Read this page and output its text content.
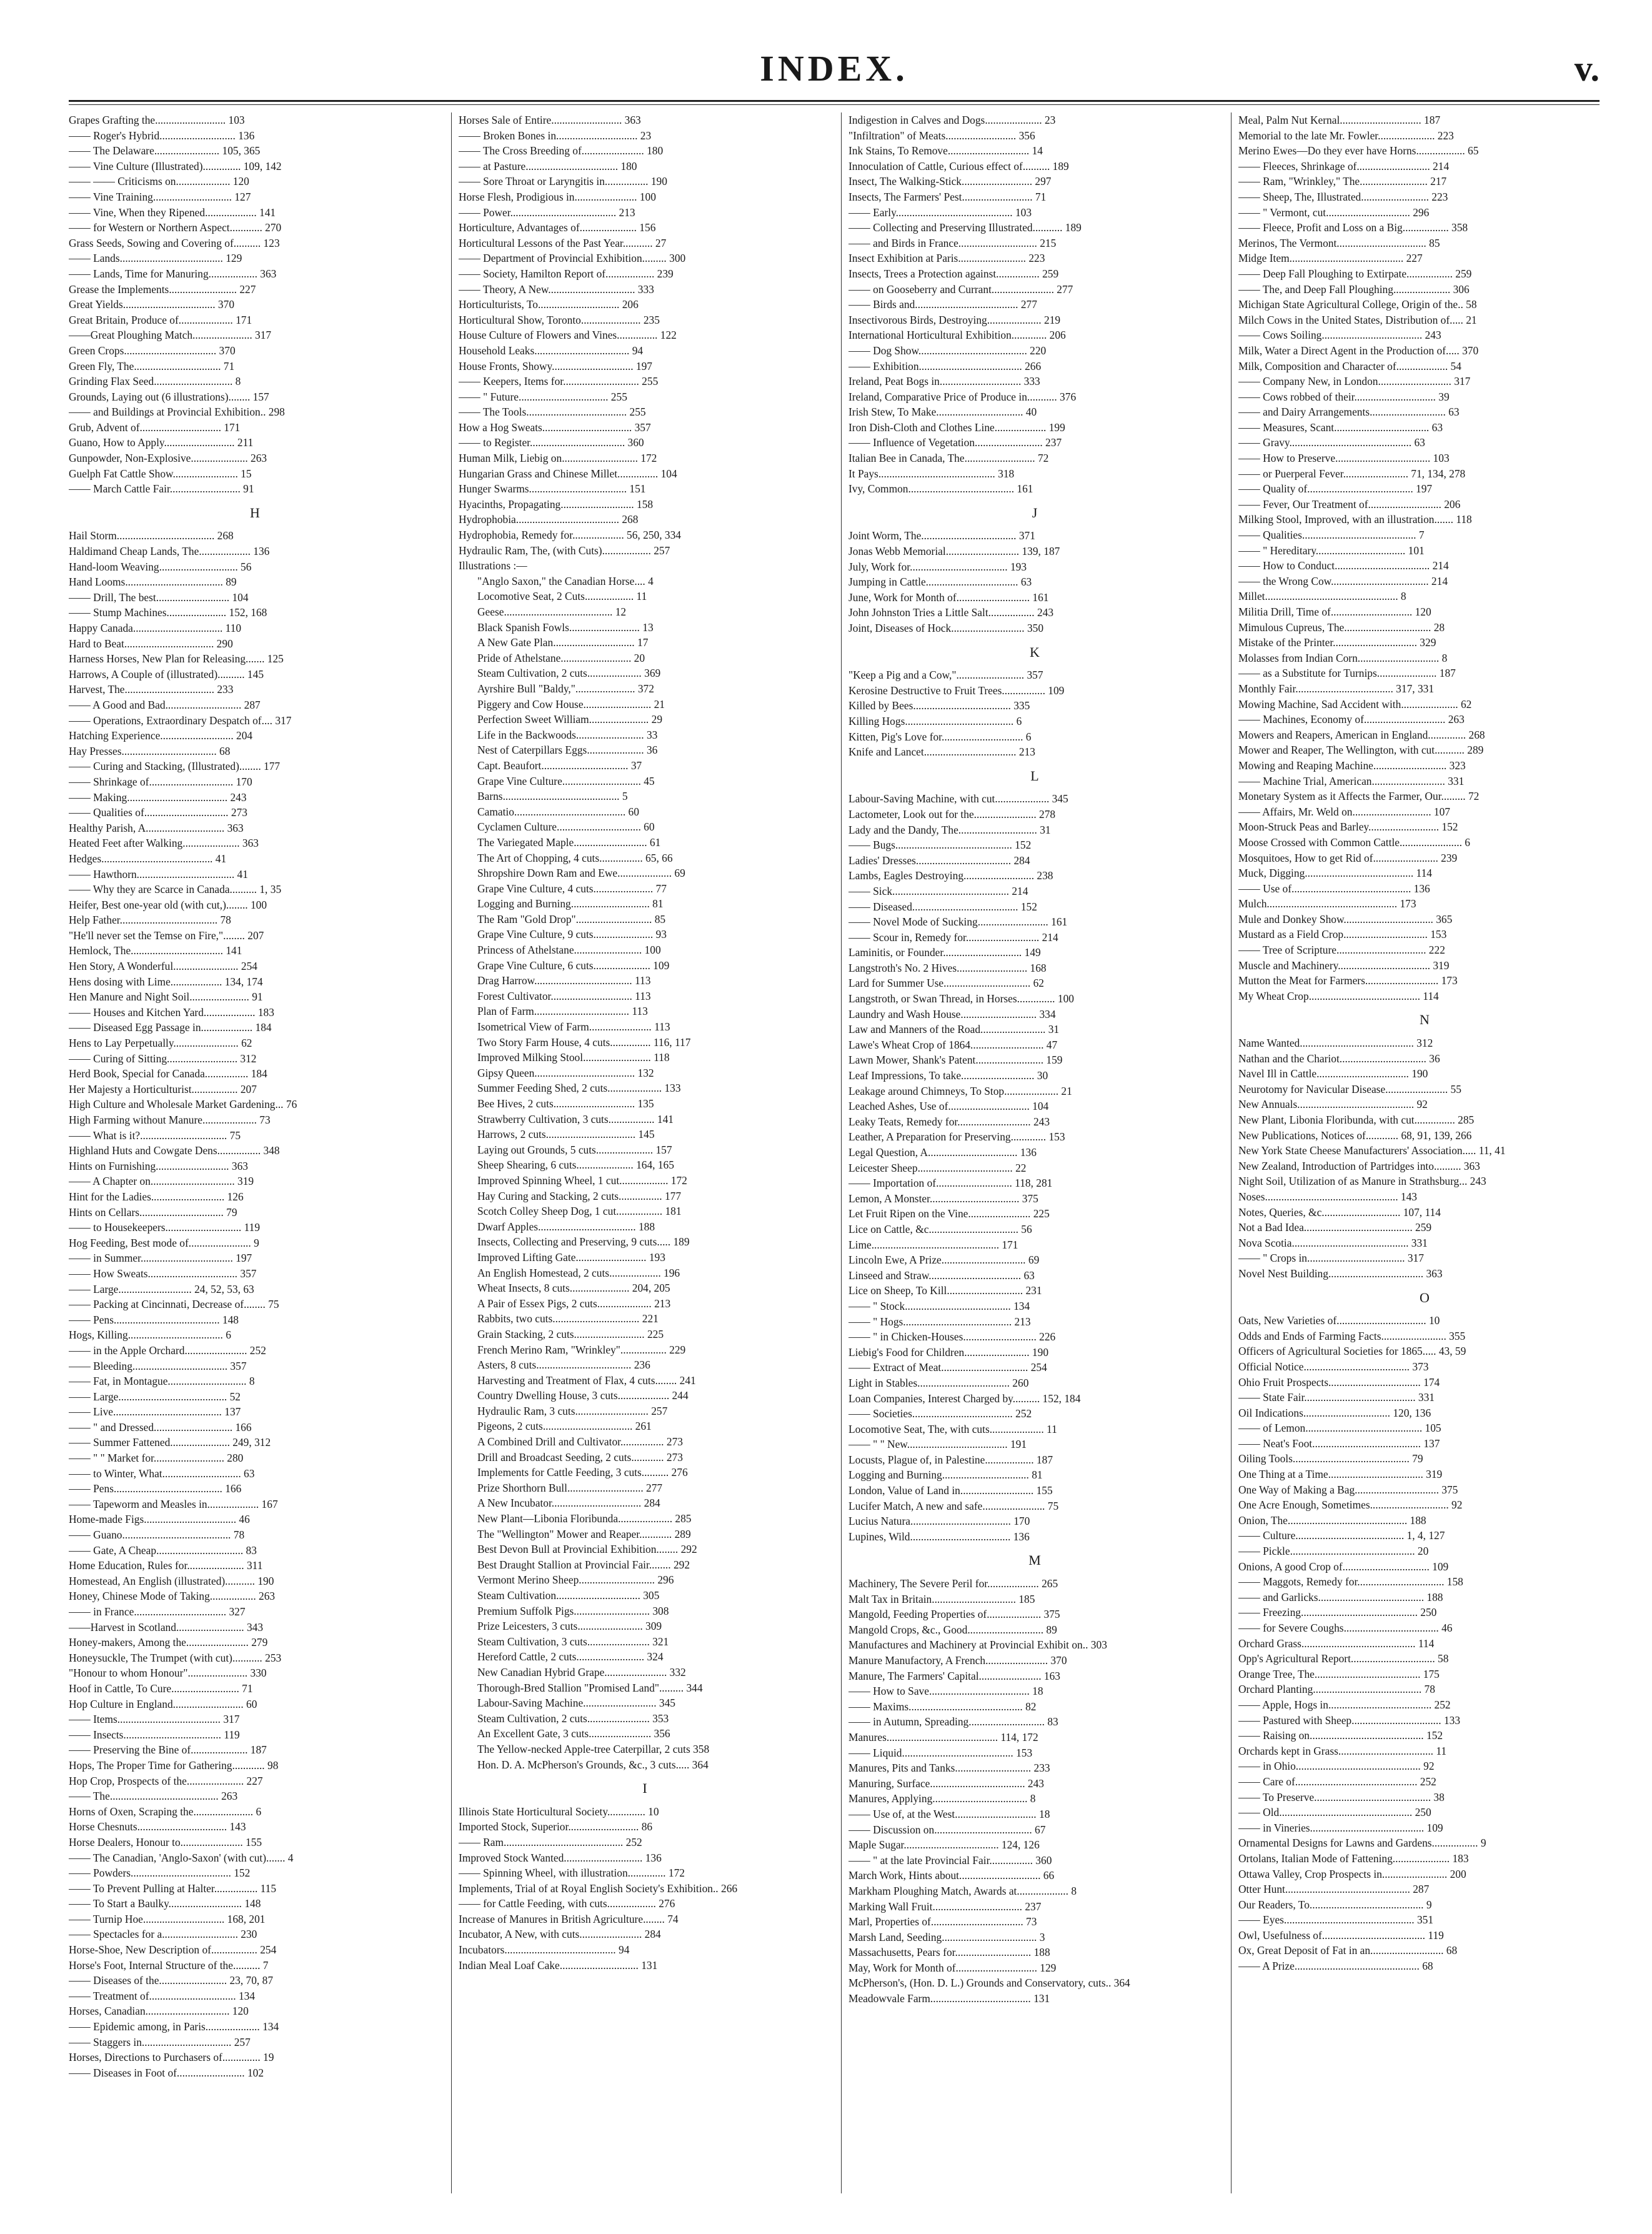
INDEX.	v.
Grapes Grafting the.......................... 103
—— Roger's Hybrid............................ 136
—— The Delaware........................ 105, 365
—— Vine Culture (Illustrated).............. 109, 142
—— —— Criticisms on.................... 120
—— Vine Training............................. 127
—— Vine, When they Ripened................... 141
—— for Western or Northern Aspect............ 270
Grass Seeds, Sowing and Covering of.......... 123
—— Lands...................................... 129
—— Lands, Time for Manuring.................. 363
Grease the Implements......................... 227
Great Yields.................................. 370
Great Britain, Produce of.................... 171
——Great Ploughing Match...................... 317
Green Crops.................................. 370
Green Fly, The................................ 71
Grinding Flax Seed............................. 8
Grounds, Laying out (6 illustrations)........ 157
—— and Buildings at Provincial Exhibition.. 298
Grub, Advent of.............................. 171
Guano, How to Apply.......................... 211
Gunpowder, Non-Explosive..................... 263
Guelph Fat Cattle Show........................ 15
—— March Cattle Fair.......................... 91
H
Hail Storm.................................... 268
Haldimand Cheap Lands, The................... 136
Hand-loom Weaving............................. 56
Hand Looms.................................... 89
—— Drill, The best........................... 104
—— Stump Machines...................... 152, 168
Happy Canada................................. 110
Hard to Beat................................. 290
Harness Horses, New Plan for Releasing....... 125
Harrows, A Couple of (illustrated).......... 145
Harvest, The................................. 233
—— A Good and Bad............................ 287
—— Operations, Extraordinary Despatch of.... 317
Hatching Experience........................... 204
Hay Presses................................... 68
—— Curing and Stacking, (Illustrated)........ 177
—— Shrinkage of............................... 170
—— Making..................................... 243
—— Qualities of............................... 273
Healthy Parish, A............................. 363
Heated Feet after Walking..................... 363
Hedges......................................... 41
—— Hawthorn.................................... 41
—— Why they are Scarce in Canada.......... 1, 35
Heifer, Best one-year old (with cut,)........ 100
Help Father.................................... 78
"He'll never set the Temse on Fire,"........ 207
Hemlock, The.................................. 141
Hen Story, A Wonderful........................ 254
Hens dosing with Lime................... 134, 174
Hen Manure and Night Soil...................... 91
—— Houses and Kitchen Yard................... 183
—— Diseased Egg Passage in................... 184
Hens to Lay Perpetually........................ 62
—— Curing of Sitting.......................... 312
Herd Book, Special for Canada................ 184
Her Majesty a Horticulturist................. 207
High Culture and Wholesale Market Gardening... 76
High Farming without Manure.................... 73
—— What is it?................................ 75
Highland Huts and Cowgate Dens................ 348
Hints on Furnishing........................... 363
—— A Chapter on............................... 319
Hint for the Ladies........................... 126
Hints on Cellars............................... 79
—— to Housekeepers............................ 119
Hog Feeding, Best mode of....................... 9
—— in Summer.................................. 197
—— How Sweats................................. 357
—— Large........................... 24, 52, 53, 63
—— Packing at Cincinnati, Decrease of........ 75
—— Pens....................................... 148
Hogs, Killing................................... 6
—— in the Apple Orchard....................... 252
—— Bleeding................................... 357
—— Fat, in Montague............................. 8
—— Large........................................ 52
—— Live........................................ 137
—— " and Dressed............................. 166
—— Summer Fattened...................... 249, 312
—— " " Market for.......................... 280
—— to Winter, What............................. 63
—— Pens........................................ 166
—— Tapeworm and Measles in................... 167
Home-made Figs.................................. 46
—— Guano........................................ 78
—— Gate, A Cheap................................ 83
Home Education, Rules for..................... 311
Homestead, An English (illustrated)........... 190
Honey, Chinese Mode of Taking................. 263
—— in France.................................. 327
——Harvest in Scotland......................... 343
Honey-makers, Among the....................... 279
Honeysuckle, The Trumpet (with cut)........... 253
"Honour to whom Honour"...................... 330
Hoof in Cattle, To Cure......................... 71
Hop Culture in England.......................... 60
—— Items...................................... 317
—— Insects.................................... 119
—— Preserving the Bine of..................... 187
Hops, The Proper Time for Gathering............ 98
Hop Crop, Prospects of the..................... 227
—— The........................................ 263
Horns of Oxen, Scraping the...................... 6
Horse Chesnuts................................. 143
Horse Dealers, Honour to....................... 155
—— The Canadian, 'Anglo-Saxon' (with cut)....... 4
—— Powders..................................... 152
—— To Prevent Pulling at Halter................ 115
—— To Start a Baulky........................... 148
—— Turnip Hoe.............................. 168, 201
—— Spectacles for a............................ 230
Horse-Shoe, New Description of................. 254
Horse's Foot, Internal Structure of the.......... 7
—— Diseases of the......................... 23, 70, 87
—— Treatment of................................ 134
Horses, Canadian............................... 120
—— Epidemic among, in Paris.................... 134
—— Staggers in................................. 257
Horses, Directions to Purchasers of.............. 19
—— Diseases in Foot of......................... 102
Horses Sale of Entire.......................... 363
—— Broken Bones in.............................. 23
—— The Cross Breeding of....................... 180
—— at Pasture.................................. 180
—— Sore Throat or Laryngitis in................ 190
Horse Flesh, Prodigious in....................... 100
—— Power....................................... 213
Horticulture, Advantages of..................... 156
Horticultural Lessons of the Past Year........... 27
—— Department of Provincial Exhibition......... 300
—— Society, Hamilton Report of.................. 239
—— Theory, A New................................ 333
Horticulturists, To.............................. 206
Horticultural Show, Toronto...................... 235
House Culture of Flowers and Vines............... 122
Household Leaks................................... 94
House Fronts, Showy.............................. 197
—— Keepers, Items for............................ 255
—— " Future................................. 255
—— The Tools..................................... 255
How a Hog Sweats................................. 357
—— to Register................................... 360
Human Milk, Liebig on............................ 172
Hungarian Grass and Chinese Millet............... 104
Hunger Swarms.................................... 151
Hyacinths, Propagating........................... 158
Hydrophobia...................................... 268
Hydrophobia, Remedy for................... 56, 250, 334
Hydraulic Ram, The, (with Cuts).................. 257
Illustrations :—
"Anglo Saxon," the Canadian Horse.... 4
Locomotive Seat, 2 Cuts.................. 11
Geese........................................ 12
Black Spanish Fowls.......................... 13
A New Gate Plan.............................. 17
Pride of Athelstane.......................... 20
Steam Cultivation, 2 cuts.................... 369
Ayrshire Bull "Baldy,"...................... 372
Piggery and Cow House......................... 21
Perfection Sweet William...................... 29
Life in the Backwoods......................... 33
Nest of Caterpillars Eggs..................... 36
Capt. Beaufort................................ 37
Grape Vine Culture............................. 45
Barns........................................... 5
Camatio......................................... 60
Cyclamen Culture............................... 60
The Variegated Maple........................... 61
The Art of Chopping, 4 cuts................ 65, 66
Shropshire Down Ram and Ewe.................... 69
Grape Vine Culture, 4 cuts...................... 77
Logging and Burning............................. 81
The Ram "Gold Drop"............................ 85
Grape Vine Culture, 9 cuts...................... 93
Princess of Athelstane......................... 100
Grape Vine Culture, 6 cuts..................... 109
Drag Harrow.................................... 113
Forest Cultivator.............................. 113
Plan of Farm................................... 113
Isometrical View of Farm....................... 113
Two Story Farm House, 4 cuts............... 116, 117
Improved Milking Stool......................... 118
Gipsy Queen..................................... 132
Summer Feeding Shed, 2 cuts.................... 133
Bee Hives, 2 cuts.............................. 135
Strawberry Cultivation, 3 cuts................. 141
Harrows, 2 cuts................................. 145
Laying out Grounds, 5 cuts..................... 157
Sheep Shearing, 6 cuts..................... 164, 165
Improved Spinning Wheel, 1 cut.................. 172
Hay Curing and Stacking, 2 cuts................ 177
Scotch Colley Sheep Dog, 1 cut................. 181
Dwarf Apples.................................... 188
Insects, Collecting and Preserving, 9 cuts..... 189
Improved Lifting Gate.......................... 193
An English Homestead, 2 cuts................... 196
Wheat Insects, 8 cuts...................... 204, 205
A Pair of Essex Pigs, 2 cuts.................... 213
Rabbits, two cuts................................ 221
Grain Stacking, 2 cuts.......................... 225
French Merino Ram, "Wrinkley"................. 229
Asters, 8 cuts................................... 236
Harvesting and Treatment of Flax, 4 cuts........ 241
Country Dwelling House, 3 cuts................... 244
Hydraulic Ram, 3 cuts........................... 257
Pigeons, 2 cuts................................. 261
A Combined Drill and Cultivator................ 273
Drill and Broadcast Seeding, 2 cuts............ 273
Implements for Cattle Feeding, 3 cuts.......... 276
Prize Shorthorn Bull............................ 277
A New Incubator................................. 284
New Plant—Libonia Floribunda.................... 285
The "Wellington" Mower and Reaper............ 289
Best Devon Bull at Provincial Exhibition........ 292
Best Draught Stallion at Provincial Fair........ 292
Vermont Merino Sheep............................ 296
Steam Cultivation............................... 305
Premium Suffolk Pigs............................ 308
Prize Leicesters, 3 cuts........................ 309
Steam Cultivation, 3 cuts....................... 321
Hereford Cattle, 2 cuts......................... 324
New Canadian Hybrid Grape....................... 332
Thorough-Bred Stallion "Promised Land"......... 344
Labour-Saving Machine........................... 345
Steam Cultivation, 2 cuts....................... 353
An Excellent Gate, 3 cuts....................... 356
The Yellow-necked Apple-tree Caterpillar, 2 cuts 358
Hon. D. A. McPherson's Grounds, &c., 3 cuts..... 364
I
Illinois State Horticultural Society.............. 10
Imported Stock, Superior.......................... 86
—— Ram............................................ 252
Improved Stock Wanted............................. 136
—— Spinning Wheel, with illustration.............. 172
Implements, Trial of at Royal English Society's Exhibition.. 266
—— for Cattle Feeding, with cuts.................. 276
Increase of Manures in British Agriculture........ 74
Incubator, A New, with cuts....................... 284
Incubators......................................... 94
Indian Meal Loaf Cake............................. 131
Indigestion in Calves and Dogs..................... 23
"Infiltration" of Meats.......................... 356
Ink Stains, To Remove.............................. 14
Innoculation of Cattle, Curious effect of.......... 189
Insect, The Walking-Stick.......................... 297
Insects, The Farmers' Pest.......................... 71
—— Early........................................... 103
—— Collecting and Preserving Illustrated........... 189
—— and Birds in France............................. 215
Insect Exhibition at Paris......................... 223
Insects, Trees a Protection against................ 259
—— on Gooseberry and Currant....................... 277
—— Birds and...................................... 277
Insectivorous Birds, Destroying.................... 219
International Horticultural Exhibition............. 206
—— Dog Show........................................ 220
—— Exhibition...................................... 266
Ireland, Peat Bogs in.............................. 333
Ireland, Comparative Price of Produce in........... 376
Irish Stew, To Make................................ 40
Iron Dish-Cloth and Clothes Line................... 199
—— Influence of Vegetation......................... 237
Italian Bee in Canada, The.......................... 72
It Pays........................................... 318
Ivy, Common....................................... 161
J
Joint Worm, The................................... 371
Jonas Webb Memorial........................... 139, 187
July, Work for.................................... 193
Jumping in Cattle.................................. 63
June, Work for Month of........................... 161
John Johnston Tries a Little Salt................. 243
Joint, Diseases of Hock........................... 350
K
"Keep a Pig and a Cow,"......................... 357
Kerosine Destructive to Fruit Trees................ 109
Killed by Bees.................................... 335
Killing Hogs........................................ 6
Kitten, Pig's Love for.............................. 6
Knife and Lancet.................................. 213
L
Labour-Saving Machine, with cut.................... 345
Lactometer, Look out for the....................... 278
Lady and the Dandy, The............................. 31
—— Bugs........................................... 152
Ladies' Dresses................................... 284
Lambs, Eagles Destroying.......................... 238
—— Sick........................................... 214
—— Diseased....................................... 152
—— Novel Mode of Sucking.......................... 161
—— Scour in, Remedy for........................... 214
Laminitis, or Founder............................. 149
Langstroth's No. 2 Hives.......................... 168
Lard for Summer Use................................ 62
Langstroth, or Swan Thread, in Horses.............. 100
Laundry and Wash House............................ 334
Law and Manners of the Road........................ 31
Lawe's Wheat Crop of 1864........................... 47
Lawn Mower, Shank's Patent......................... 159
Leaf Impressions, To take........................... 30
Leakage around Chimneys, To Stop.................... 21
Leached Ashes, Use of.............................. 104
Leaky Teats, Remedy for........................... 243
Leather, A Preparation for Preserving............. 153
Legal Question, A................................. 136
Leicester Sheep................................... 22
—— Importation of............................ 118, 281
Lemon, A Monster................................. 375
Let Fruit Ripen on the Vine....................... 225
Lice on Cattle, &c................................. 56
Lime............................................... 171
Lincoln Ewe, A Prize............................... 69
Linseed and Straw.................................. 63
Lice on Sheep, To Kill............................ 231
—— " Stock....................................... 134
—— " Hogs........................................ 213
—— " in Chicken-Houses........................... 226
Liebig's Food for Children........................ 190
—— Extract of Meat................................ 254
Light in Stables.................................. 260
Loan Companies, Interest Charged by.......... 152, 184
—— Societies..................................... 252
Locomotive Seat, The, with cuts.................... 11
—— " " New..................................... 191
Locusts, Plague of, in Palestine.................. 187
Logging and Burning................................ 81
London, Value of Land in........................... 155
Lucifer Match, A new and safe....................... 75
Lucius Natura..................................... 170
Lupines, Wild..................................... 136
M
Machinery, The Severe Peril for................... 265
Malt Tax in Britain............................... 185
Mangold, Feeding Properties of.................... 375
Mangold Crops, &c., Good............................ 89
Manufactures and Machinery at Provincial Exhibit on.. 303
Manure Manufactory, A French....................... 370
Manure, The Farmers' Capital....................... 163
—— How to Save..................................... 18
—— Maxims.......................................... 82
—— in Autumn, Spreading............................ 83
Manures......................................... 114, 172
—— Liquid......................................... 153
Manures, Pits and Tanks............................ 233
Manuring, Surface................................... 243
Manures, Applying................................... 8
—— Use of, at the West.............................. 18
—— Discussion on.................................... 67
Maple Sugar................................... 124, 126
—— " at the late Provincial Fair................ 360
March Work, Hints about.............................. 66
Markham Ploughing Match, Awards at................... 8
Marking Wall Fruit................................. 237
Marl, Properties of.................................. 73
Marsh Land, Seeding................................... 3
Massachusetts, Pears for............................ 188
May, Work for Month of.............................. 129
McPherson's, (Hon. D. L.) Grounds and Conservatory, cuts.. 364
Meadowvale Farm..................................... 131
Meal, Palm Nut Kernal.............................. 187
Memorial to the late Mr. Fowler..................... 223
Merino Ewes—Do they ever have Horns.................. 65
—— Fleeces, Shrinkage of........................... 214
—— Ram, "Wrinkley," The......................... 217
—— Sheep, The, Illustrated......................... 223
—— " Vermont, cut............................... 296
—— Fleece, Profit and Loss on a Big................. 358
Merinos, The Vermont................................. 85
Midge Item.......................................... 227
—— Deep Fall Ploughing to Extirpate................. 259
—— The, and Deep Fall Ploughing..................... 306
Michigan State Agricultural College, Origin of the.. 58
Milch Cows in the United States, Distribution of..... 21
—— Cows Soiling..................................... 243
Milk, Water a Direct Agent in the Production of..... 370
Milk, Composition and Character of................... 54
—— Company New, in London........................... 317
—— Cows robbed of their.............................. 39
—— and Dairy Arrangements............................ 63
—— Measures, Scant................................... 63
—— Gravy............................................. 63
—— How to Preserve................................... 103
—— or Puerperal Fever........................ 71, 134, 278
—— Quality of....................................... 197
—— Fever, Our Treatment of........................... 206
Milking Stool, Improved, with an illustration....... 118
—— Qualities.......................................... 7
—— " Hereditary................................. 101
—— How to Conduct................................... 214
—— the Wrong Cow.................................... 214
Millet................................................. 8
Militia Drill, Time of.............................. 120
Mimulous Cupreus, The................................ 28
Mistake of the Printer............................... 329
Molasses from Indian Corn.............................. 8
—— as a Substitute for Turnips...................... 187
Monthly Fair.................................... 317, 331
Mowing Machine, Sad Accident with..................... 62
—— Machines, Economy of.............................. 263
Mowers and Reapers, American in England.............. 268
Mower and Reaper, The Wellington, with cut........... 289
Mowing and Reaping Machine........................... 323
—— Machine Trial, American........................... 331
Monetary System as it Affects the Farmer, Our......... 72
—— Affairs, Mr. Weld on............................. 107
Moon-Struck Peas and Barley.......................... 152
Moose Crossed with Common Cattle....................... 6
Mosquitoes, How to get Rid of........................ 239
Muck, Digging........................................ 114
—— Use of............................................ 136
Mulch................................................ 173
Mule and Donkey Show................................. 365
Mustard as a Field Crop............................... 153
—— Tree of Scripture................................. 222
Muscle and Machinery.................................. 319
Mutton the Meat for Farmers........................... 173
My Wheat Crop......................................... 114
N
Name Wanted.......................................... 312
Nathan and the Chariot................................ 36
Navel Ill in Cattle.................................. 190
Neurotomy for Navicular Disease....................... 55
New Annuals........................................... 92
New Plant, Libonia Floribunda, with cut............... 285
New Publications, Notices of............ 68, 91, 139, 266
New York State Cheese Manufacturers' Association..... 11, 41
New Zealand, Introduction of Partridges into.......... 363
Night Soil, Utilization of as Manure in Strathsburg... 243
Noses................................................. 143
Notes, Queries, &c............................. 107, 114
Not a Bad Idea........................................ 259
Nova Scotia........................................... 331
—— " Crops in.................................... 317
Novel Nest Building................................... 363
O
Oats, New Varieties of................................. 10
Odds and Ends of Farming Facts........................ 355
Officers of Agricultural Societies for 1865..... 43, 59
Official Notice....................................... 373
Ohio Fruit Prospects.................................. 174
—— State Fair......................................... 331
Oil Indications................................ 120, 136
—— of Lemon........................................... 105
—— Neat's Foot........................................ 137
Oiling Tools........................................... 79
One Thing at a Time................................... 319
One Way of Making a Bag............................... 375
One Acre Enough, Sometimes............................. 92
Onion, The............................................ 188
—— Culture........................................ 1, 4, 127
—— Pickle.............................................. 20
Onions, A good Crop of................................ 109
—— Maggots, Remedy for................................ 158
—— and Garlicks....................................... 188
—— Freezing........................................... 250
—— for Severe Coughs................................... 46
Orchard Grass.......................................... 114
Opp's Agricultural Report............................... 58
Orange Tree, The....................................... 175
Orchard Planting........................................ 78
—— Apple, Hogs in...................................... 252
—— Pastured with Sheep................................. 133
—— Raising on.......................................... 152
Orchards kept in Grass................................... 11
—— in Ohio.............................................. 92
—— Care of............................................. 252
—— To Preserve........................................... 38
—— Old................................................. 250
—— in Vineries.......................................... 109
Ornamental Designs for Lawns and Gardens................. 9
Ortolans, Italian Mode of Fattening..................... 183
Ottawa Valley, Crop Prospects in........................ 200
Otter Hunt.............................................. 287
Our Readers, To.......................................... 9
—— Eyes................................................ 351
Owl, Usefulness of...................................... 119
Ox, Great Deposit of Fat in an........................... 68
—— A Prize.............................................. 68
